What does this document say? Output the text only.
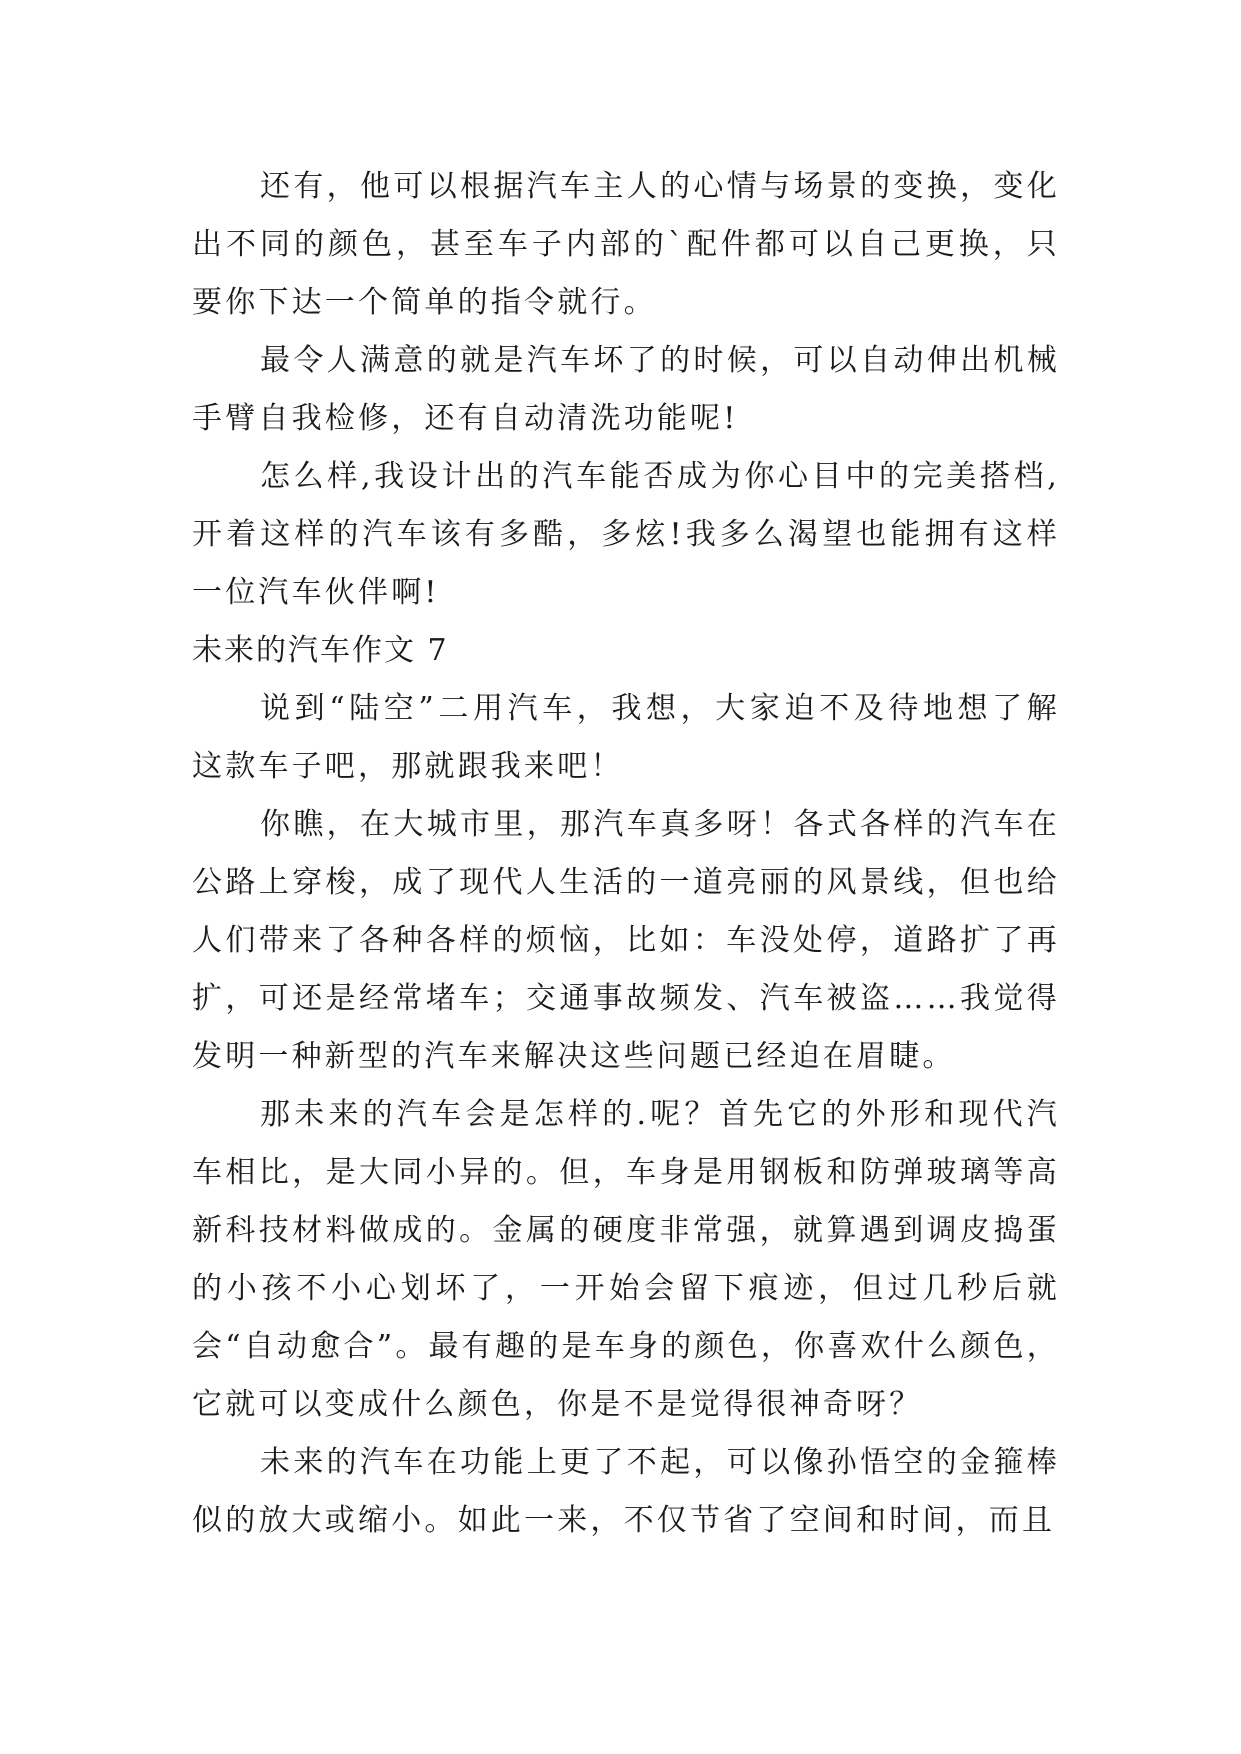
还有，他可以根据汽车主人的心情与场景的变换，变化出不同的颜色，甚至车子内部的`配件都可以自己更换，只要你下达一个简单的指令就行。

最令人满意的就是汽车坏了的时候，可以自动伸出机械手臂自我检修，还有自动清洗功能呢!

怎么样,我设计出的汽车能否成为你心目中的完美搭档,开着这样的汽车该有多酷，多炫!我多么渴望也能拥有这样一位汽车伙伴啊!

未来的汽车作文 7

说到“陆空”二用汽车，我想，大家迫不及待地想了解这款车子吧，那就跟我来吧！

你瞧，在大城市里，那汽车真多呀！各式各样的汽车在公路上穿梭，成了现代人生活的一道亮丽的风景线，但也给人们带来了各种各样的烦恼，比如：车没处停，道路扩了再扩，可还是经常堵车；交通事故频发、汽车被盗……我觉得发明一种新型的汽车来解决这些问题已经迫在眉睫。

那未来的汽车会是怎样的.呢？首先它的外形和现代汽车相比，是大同小异的。但，车身是用钢板和防弹玻璃等高新科技材料做成的。金属的硬度非常强，就算遇到调皮捣蛋的小孩不小心划坏了，一开始会留下痕迹，但过几秒后就会“自动愈合”。最有趣的是车身的颜色，你喜欢什么颜色，它就可以变成什么颜色，你是不是觉得很神奇呀？

未来的汽车在功能上更了不起，可以像孙悟空的金箍棒似的放大或缩小。如此一来，不仅节省了空间和时间，而且
